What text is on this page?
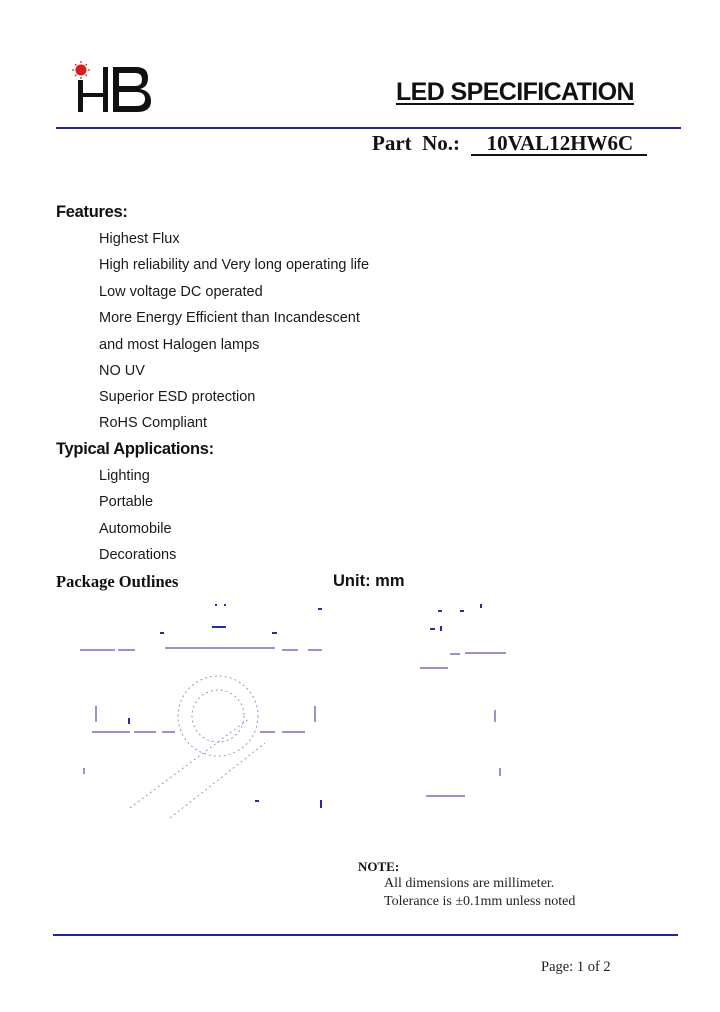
LED SPECIFICATION
Part  No.: 10VAL12HW6C
Features:
Highest Flux
High reliability and Very long operating life
Low voltage DC operated
More Energy Efficient than Incandescent
and most Halogen lamps
NO UV
Superior ESD protection
RoHS Compliant
Typical Applications:
Lighting
Portable
Automobile
Decorations
Package Outlines	Unit: mm
NOTE:
All dimensions are millimeter.
Tolerance is ±0.1mm unless noted
Page: 1 of 2
